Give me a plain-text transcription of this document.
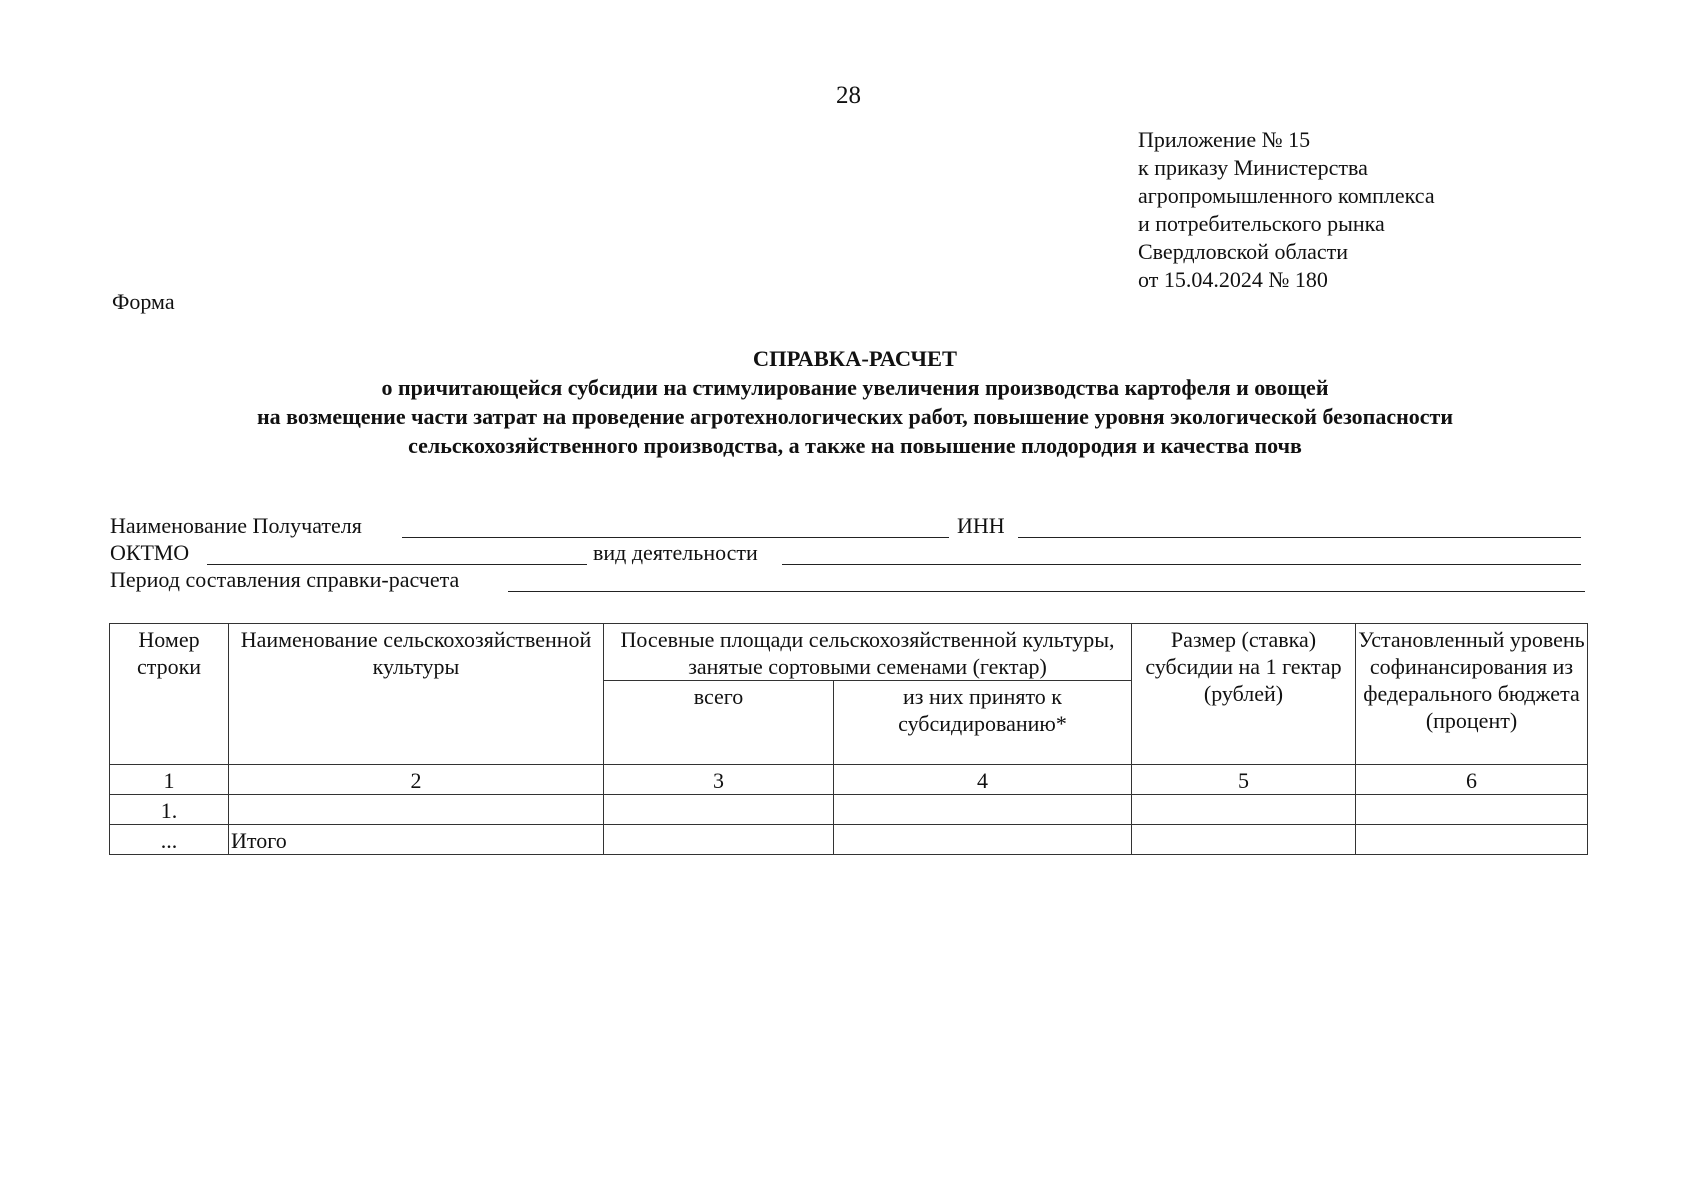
28
Приложение № 15
к приказу Министерства
агропромышленного комплекса
и потребительского рынка
Свердловской области
от 15.04.2024 № 180
Форма
СПРАВКА-РАСЧЕТ
о причитающейся субсидии на стимулирование увеличения производства картофеля и овощей
на возмещение части затрат на проведение агротехнологических работ, повышение уровня экологической безопасности
сельскохозяйственного производства, а также на повышение плодородия и качества почв
Наименование Получателя	ИНН
ОКТМО	вид деятельности
Период составления справки-расчета
Номер строки	Наименование сельскохозяйственной культуры	Посевные площади сельскохозяйственной культуры, занятые сортовыми семенами (гектар)		Размер (ставка) субсидии на 1 гектар (рублей)	Установленный уровень софинансирования из федерального бюджета (процент)
		всего	из них принято к субсидированию*		
1	2	3	4	5	6
1.					
...	Итого				
